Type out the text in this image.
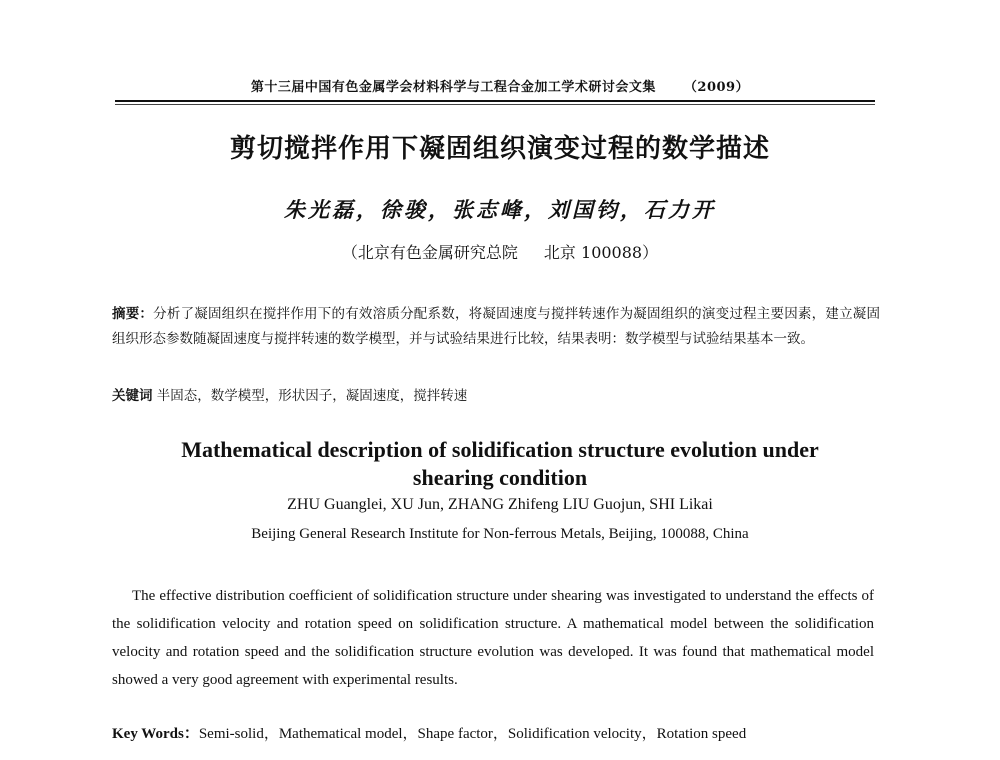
第十三届中国有色金属学会材料科学与工程合金加工学术研讨会文集 （2009）
剪切搅拌作用下凝固组织演变过程的数学描述
朱光磊，徐骏，张志峰，刘国钧，石力开
（北京有色金属研究总院 北京 100088）
摘要：分析了凝固组织在搅拌作用下的有效溶质分配系数，将凝固速度与搅拌转速作为凝固组织的演变过程主要因素，建立凝固组织形态参数随凝固速度与搅拌转速的数学模型，并与试验结果进行比较，结果表明：数学模型与试验结果基本一致。
关键词 半固态，数学模型，形状因子，凝固速度，搅拌转速
Mathematical description of solidification structure evolution under shearing condition
ZHU Guanglei, XU Jun, ZHANG Zhifeng LIU Guojun, SHI Likai
Beijing General Research Institute for Non-ferrous Metals, Beijing, 100088, China
The effective distribution coefficient of solidification structure under shearing was investigated to understand the effects of the solidification velocity and rotation speed on solidification structure. A mathematical model between the solidification velocity and rotation speed and the solidification structure evolution was developed. It was found that mathematical model showed a very good agreement with experimental results.
Key Words：Semi-solid，Mathematical model，Shape factor，Solidification velocity，Rotation speed
